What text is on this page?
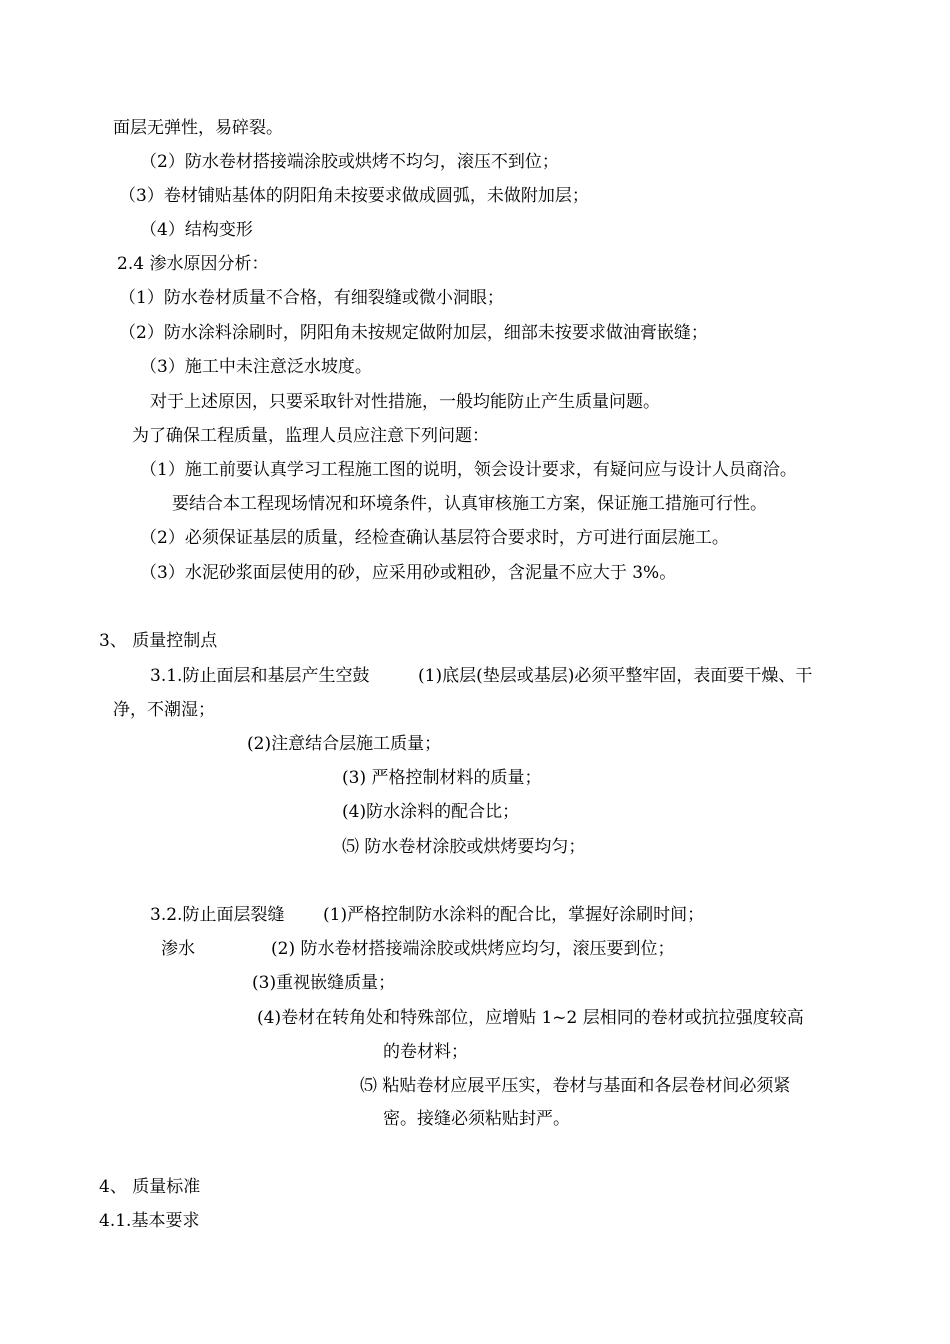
面层无弹性，易碎裂。
（2）防水卷材搭接端涂胶或烘烤不均匀，滚压不到位；
（3）卷材铺贴基体的阴阳角未按要求做成圆弧，未做附加层；
（4）结构变形
2.4 渗水原因分析：
（1）防水卷材质量不合格，有细裂缝或微小洞眼；
（2）防水涂料涂刷时，阴阳角未按规定做附加层，细部未按要求做油膏嵌缝；
（3）施工中未注意泛水坡度。
对于上述原因，只要采取针对性措施，一般均能防止产生质量问题。
为了确保工程质量，监理人员应注意下列问题：
（1）施工前要认真学习工程施工图的说明，领会设计要求，有疑问应与设计人员商洽。
要结合本工程现场情况和环境条件，认真审核施工方案，保证施工措施可行性。
（2）必须保证基层的质量，经检查确认基层符合要求时，方可进行面层施工。
（3）水泥砂浆面层使用的砂，应采用砂或粗砂，含泥量不应大于 3%。
3、 质量控制点
3.1.防止面层和基层产生空鼓	(1)底层(垫层或基层)必须平整牢固，表面要干燥、干
净，不潮湿；
(2)注意结合层施工质量；
(3) 严格控制材料的质量；
(4)防水涂料的配合比；
⑸ 防水卷材涂胶或烘烤要均匀；
3.2.防止面层裂缝 (1)严格控制防水涂料的配合比，掌握好涂刷时间；
渗水	(2) 防水卷材搭接端涂胶或烘烤应均匀，滚压要到位；
(3)重视嵌缝质量；
(4)卷材在转角处和特殊部位，应增贴 1~2 层相同的卷材或抗拉强度较高
的卷材料；
⑸ 粘贴卷材应展平压实，卷材与基面和各层卷材间必须紧
密。接缝必须粘贴封严。
4、 质量标准
4.1.基本要求
